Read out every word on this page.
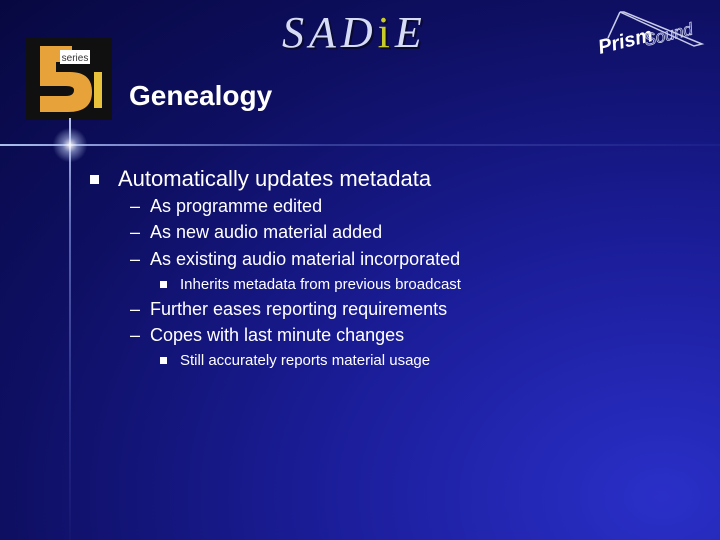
series
SADiE	Prism
Sound
Genealogy
Automatically updates metadata
– As programme edited
– As new audio material added
– As existing audio material incorporated
Inherits metadata from previous broadcast
– Further eases reporting requirements
– Copes with last minute changes
Still accurately reports material usage
